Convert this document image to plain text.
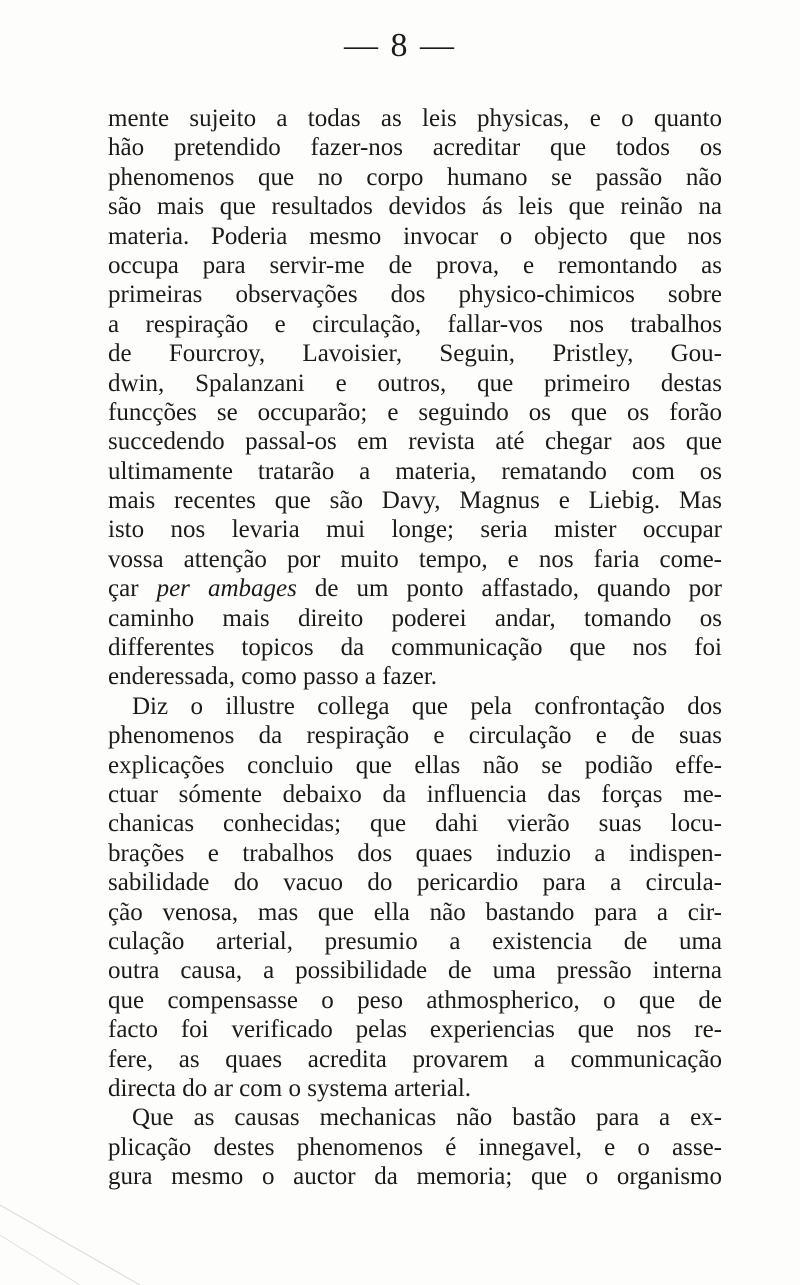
— 8 —
mente sujeito a todas as leis physicas, e o quanto
hão pretendido fazer-nos acreditar que todos os
phenomenos que no corpo humano se passão não
são mais que resultados devidos ás leis que reinão na
materia. Poderia mesmo invocar o objecto que nos
occupa para servir-me de prova, e remontando as
primeiras observações dos physico-chimicos sobre
a respiração e circulação, fallar-vos nos trabalhos
de Fourcroy, Lavoisier, Seguin, Pristley, Gou-
dwin, Spalanzani e outros, que primeiro destas
funcções se occuparão; e seguindo os que os forão
succedendo passal-os em revista até chegar aos que
ultimamente tratarão a materia, rematando com os
mais recentes que são Davy, Magnus e Liebig. Mas
isto nos levaria mui longe; seria mister occupar
vossa attenção por muito tempo, e nos faria come-
çar per ambages de um ponto affastado, quando por
caminho mais direito poderei andar, tomando os
differentes topicos da communicação que nos foi
enderessada, como passo a fazer.
Diz o illustre collega que pela confrontação dos
phenomenos da respiração e circulação e de suas
explicações concluio que ellas não se podião effe-
ctuar sómente debaixo da influencia das forças me-
chanicas conhecidas; que dahi vierão suas locu-
brações e trabalhos dos quaes induzio a indispen-
sabilidade do vacuo do pericardio para a circula-
ção venosa, mas que ella não bastando para a cir-
culação arterial, presumio a existencia de uma
outra causa, a possibilidade de uma pressão interna
que compensasse o peso athmospherico, o que de
facto foi verificado pelas experiencias que nos re-
fere, as quaes acredita provarem a communicação
directa do ar com o systema arterial.
Que as causas mechanicas não bastão para a ex-
plicação destes phenomenos é innegavel, e o asse-
gura mesmo o auctor da memoria; que o organismo
